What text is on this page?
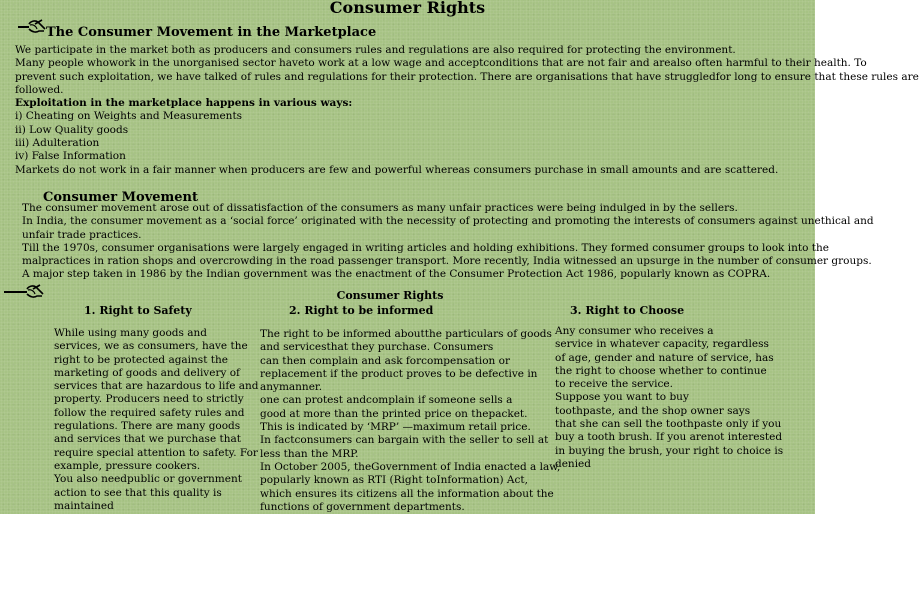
Consumer Rights
The Consumer Movement in the Marketplace

We participate in the market both as producers and consumers rules and regulations are also required for protecting the environment.

Many people whowork in the unorganised sector haveto work at a low wage and acceptconditions that are not fair and arealso often harmful to their health. To

prevent such exploitation, we have talked of rules and regulations for their protection. There are organisations that have struggledfor long to ensure that these rules are

followed.

Exploitation in the marketplace happens in various ways:

i) Cheating on Weights and Measurements

ii) Low Quality goods

iii) Adulteration

iv) False Information

Markets do not work in a fair manner when producers are few and powerful whereas consumers purchase in small amounts and are scattered.

Consumer Movement

The consumer movement arose out of dissatisfaction of the consumers as many unfair practices were being indulged in by the sellers.

In India, the consumer movement as a ‘social force’ originated with the necessity of protecting and promoting the interests of consumers against unethical and

unfair trade practices.

Till the 1970s, consumer organisations were largely engaged in writing articles and holding exhibitions. They formed consumer groups to look into the

malpractices in ration shops and overcrowding in the road passenger transport. More recently, India witnessed an upsurge in the number of consumer groups.

A major step taken in 1986 by the Indian government was the enactment of the Consumer Protection Act 1986, popularly known as COPRA.

Consumer Rights
1. Right to Safety	2. Right to be informed	3. Right to Choose

While using many goods and

services, we as consumers, have the

right to be protected against the

marketing of goods and delivery of

services that are hazardous to life and

property. Producers need to strictly

follow the required safety rules and

regulations. There are many goods

and services that we purchase that

require special attention to safety. For

example, pressure cookers.

You also needpublic or government

action to see that this quality is

maintained

The right to be informed aboutthe particulars of goods

and servicesthat they purchase. Consumers

can then complain and ask forcompensation or

replacement if the product proves to be defective in

anymanner.

one can protest andcomplain if someone sells a

good at more than the printed price on thepacket.

This is indicated by ‘MRP’ —maximum retail price.

In factconsumers can bargain with the seller to sell at

less than the MRP.

In October 2005, theGovernment of India enacted a law,

popularly known as RTI (Right toInformation) Act,

which ensures its citizens all the information about the

functions of government departments.

Any consumer who receives a

service in whatever capacity, regardless

of age, gender and nature of service, has

the right to choose whether to continue

to receive the service.

Suppose you want to buy

toothpaste, and the shop owner says

that she can sell the toothpaste only if you

buy a tooth brush. If you arenot interested

in buying the brush, your right to choice is

denied
